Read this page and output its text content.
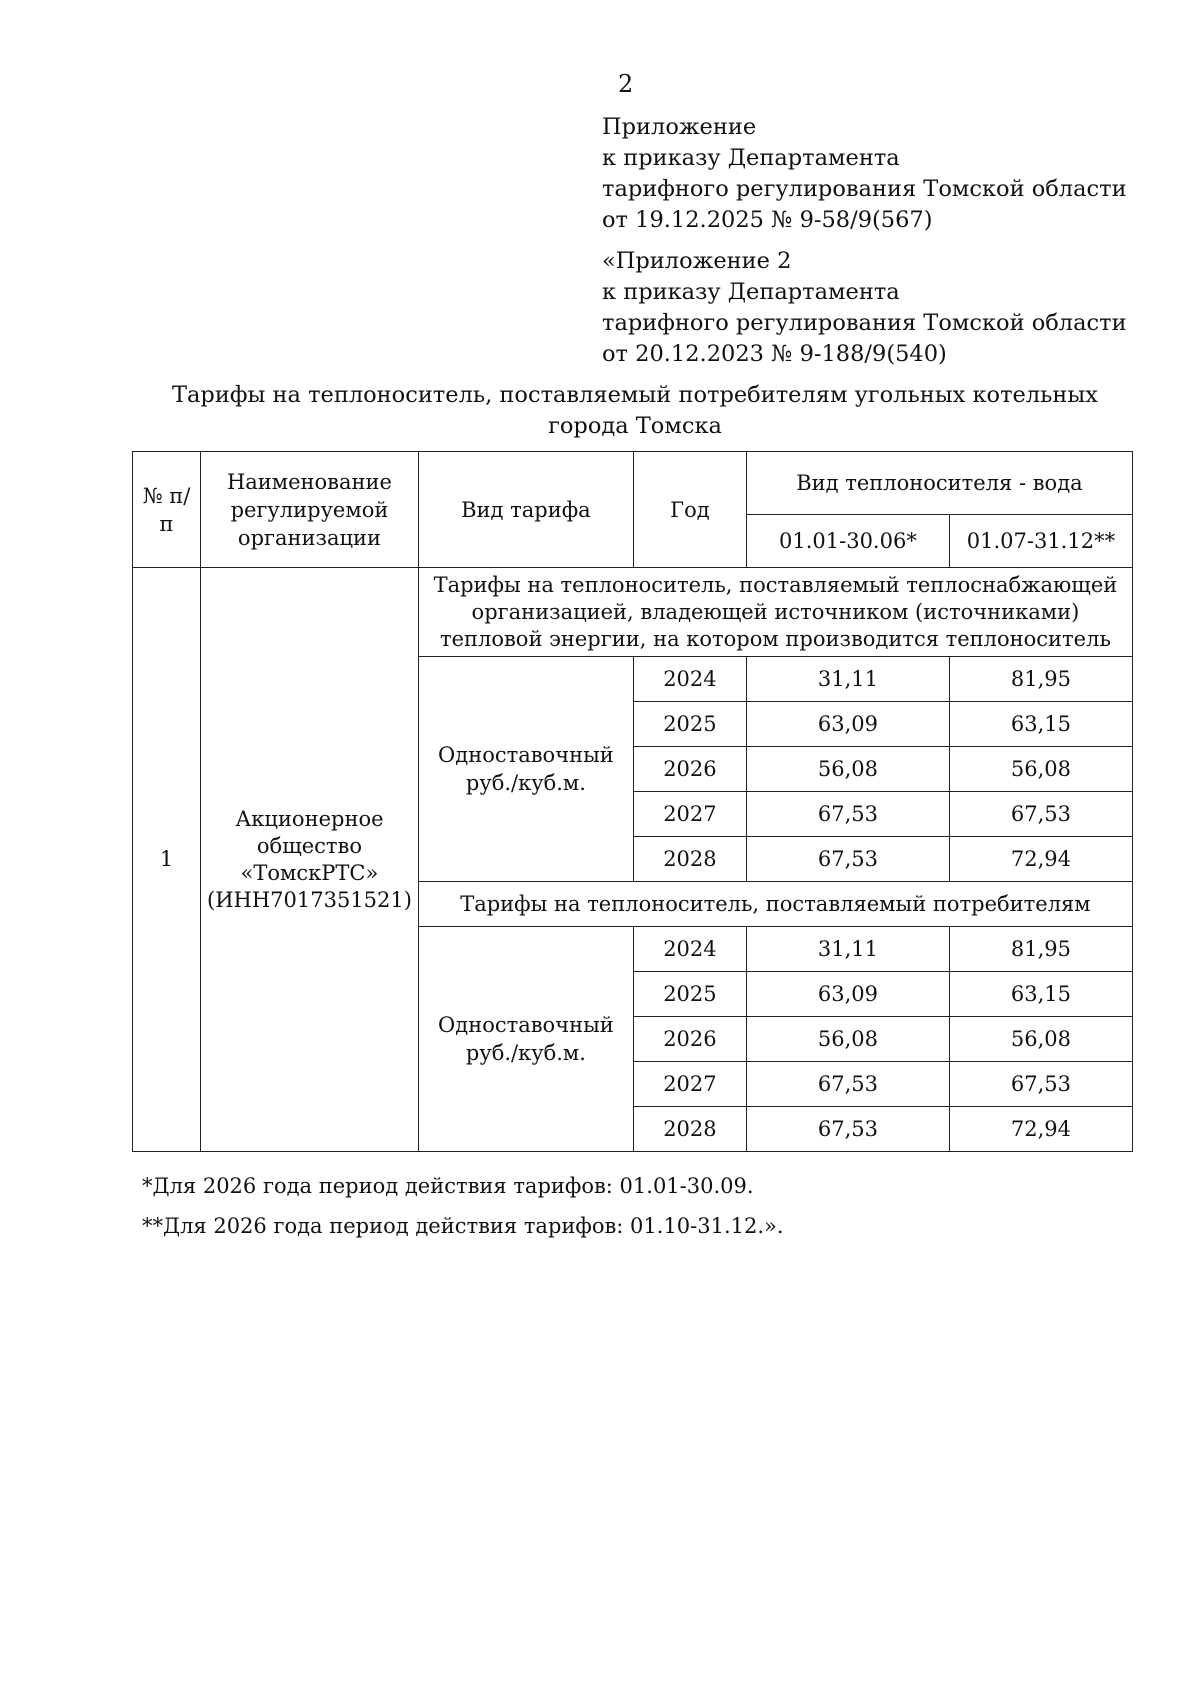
2
Приложение
к приказу Департамента
тарифного регулирования Томской области
от 19.12.2025 № 9-58/9(567)
«Приложение 2
к приказу Департамента
тарифного регулирования Томской области
от 20.12.2023 № 9-188/9(540)
Тарифы на теплоноситель, поставляемый потребителям угольных котельных города Томска
№ п/п	Наименование регулируемой организации	Вид тарифа	Год	Вид теплоносителя - вода	
				01.01-30.06*	01.07-31.12**
1	Акционерное общество «ТомскРТС» (ИНН7017351521)	Тарифы на теплоноситель, поставляемый теплоснабжающей организацией, владеющей источником (источниками) тепловой энергии, на котором производится теплоноситель			
		Одноставочный руб./куб.м.	2024	31,11	81,95
			2025	63,09	63,15
			2026	56,08	56,08
			2027	67,53	67,53
			2028	67,53	72,94
		Тарифы на теплоноситель, поставляемый потребителям			
		Одноставочный руб./куб.м.	2024	31,11	81,95
			2025	63,09	63,15
			2026	56,08	56,08
			2027	67,53	67,53
			2028	67,53	72,94
*Для 2026 года период действия тарифов: 01.01-30.09.
**Для 2026 года период действия тарифов: 01.10-31.12.».
